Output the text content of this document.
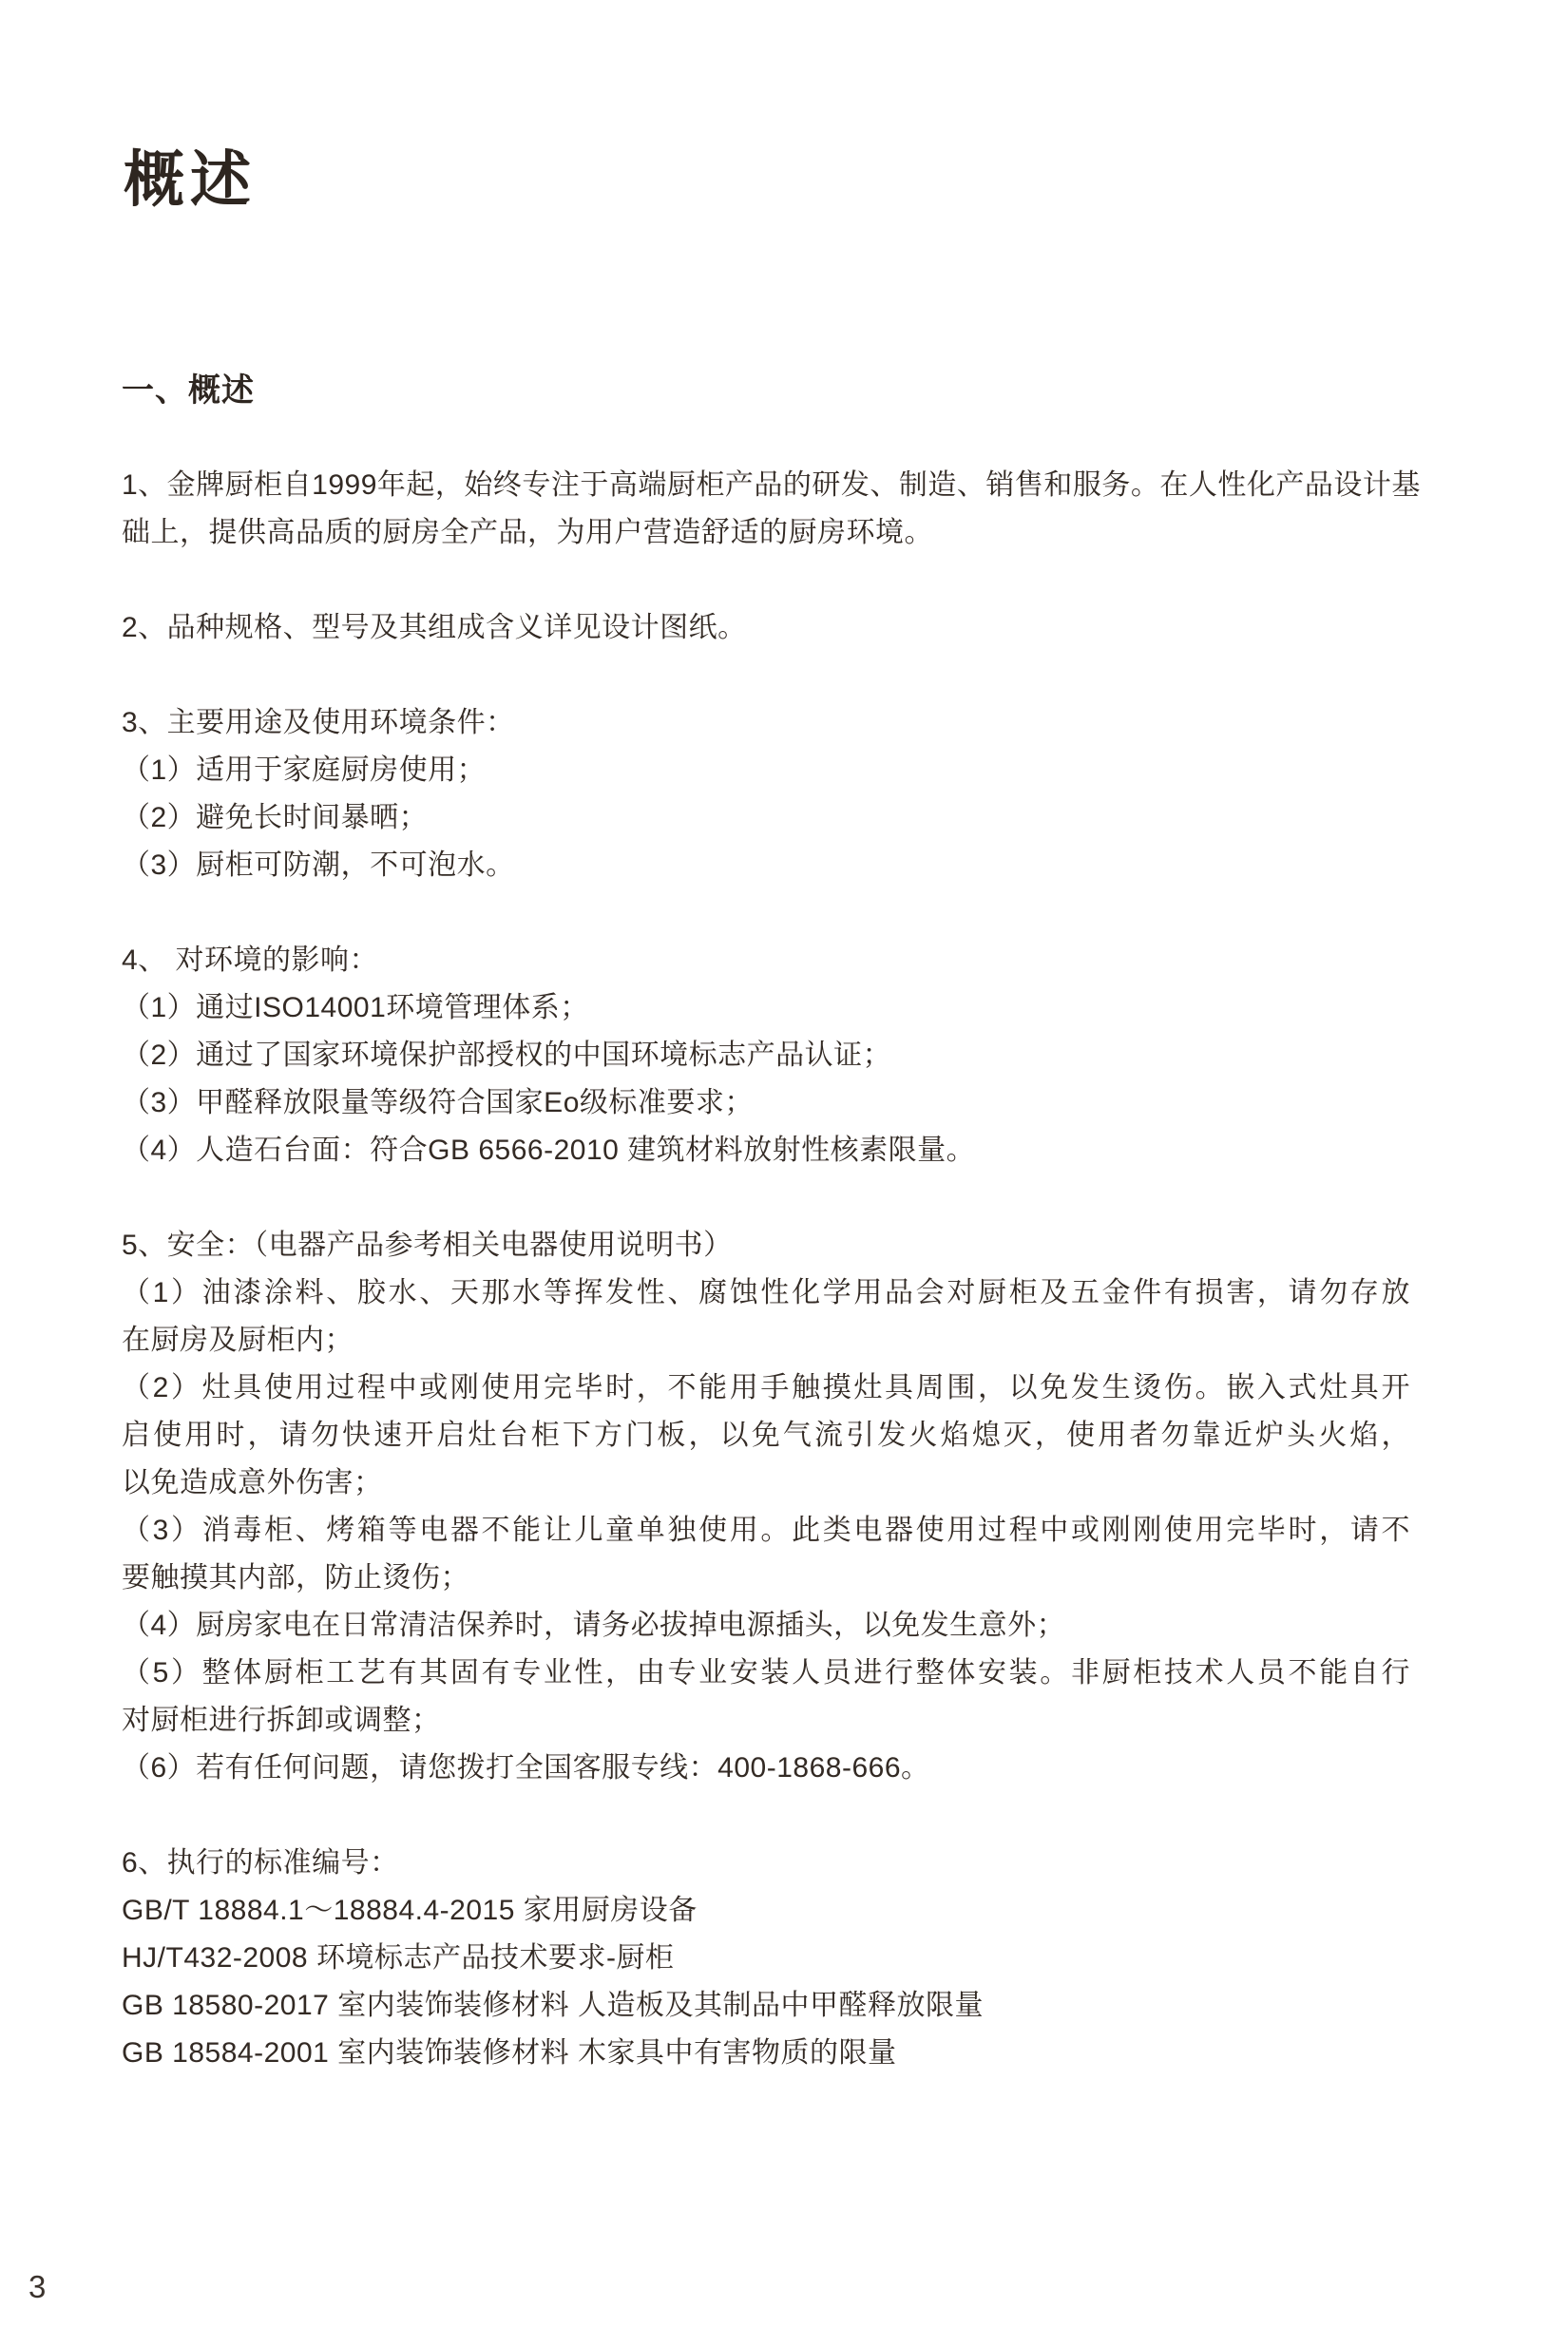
概述
一、概述
1、金牌厨柜自1999年起，始终专注于高端厨柜产品的研发、制造、销售和服务。在人性化产品设计基
础上，提供高品质的厨房全产品，为用户营造舒适的厨房环境。
2、品种规格、型号及其组成含义详见设计图纸。
3、主要用途及使用环境条件：
（1）适用于家庭厨房使用；
（2）避免长时间暴晒；
（3）厨柜可防潮，不可泡水。
4、 对环境的影响：
（1）通过ISO14001环境管理体系；
（2）通过了国家环境保护部授权的中国环境标志产品认证；
（3）甲醛释放限量等级符合国家Eo级标准要求；
（4）人造石台面：符合GB 6566-2010 建筑材料放射性核素限量。
5、安全：（电器产品参考相关电器使用说明书）
（1）油漆涂料、胶水、天那水等挥发性、腐蚀性化学用品会对厨柜及五金件有损害，请勿存放
在厨房及厨柜内；
（2）灶具使用过程中或刚使用完毕时，不能用手触摸灶具周围，以免发生烫伤。嵌入式灶具开
启使用时，请勿快速开启灶台柜下方门板，以免气流引发火焰熄灭，使用者勿靠近炉头火焰，
以免造成意外伤害；
（3）消毒柜、烤箱等电器不能让儿童单独使用。此类电器使用过程中或刚刚使用完毕时，请不
要触摸其内部，防止烫伤；
（4）厨房家电在日常清洁保养时，请务必拔掉电源插头，以免发生意外；
（5）整体厨柜工艺有其固有专业性，由专业安装人员进行整体安装。非厨柜技术人员不能自行
对厨柜进行拆卸或调整；
（6）若有任何问题，请您拨打全国客服专线：400-1868-666。
6、执行的标准编号：
GB/T 18884.1～18884.4-2015 家用厨房设备
HJ/T432-2008 环境标志产品技术要求-厨柜
GB 18580-2017 室内装饰装修材料 人造板及其制品中甲醛释放限量
GB 18584-2001 室内装饰装修材料 木家具中有害物质的限量
3
